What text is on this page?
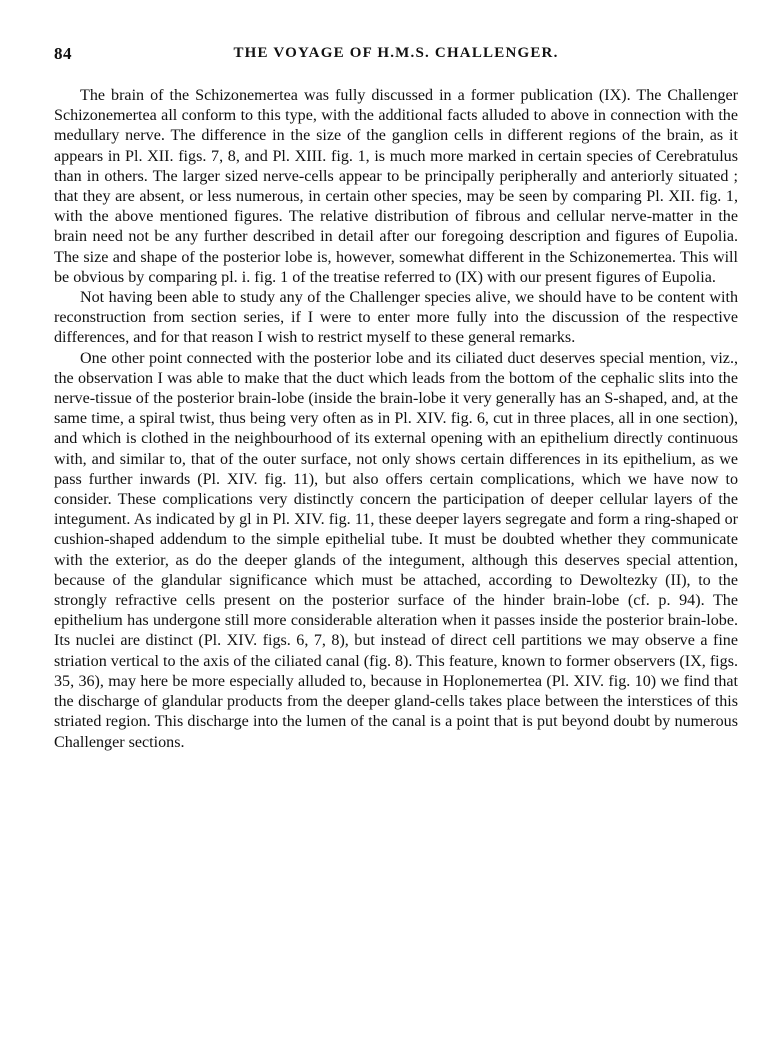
84	THE VOYAGE OF H.M.S. CHALLENGER.

The brain of the Schizonemertea was fully discussed in a former publication (IX). The Challenger Schizonemertea all conform to this type, with the additional facts alluded to above in connection with the medullary nerve. The difference in the size of the ganglion cells in different regions of the brain, as it appears in Pl. XII. figs. 7, 8, and Pl. XIII. fig. 1, is much more marked in certain species of Cerebratulus than in others. The larger sized nerve-cells appear to be principally peripherally and anteriorly situated ; that they are absent, or less numerous, in certain other species, may be seen by comparing Pl. XII. fig. 1, with the above mentioned figures. The relative distribution of fibrous and cellular nerve-matter in the brain need not be any further described in detail after our foregoing description and figures of Eupolia. The size and shape of the posterior lobe is, however, somewhat different in the Schizonemertea. This will be obvious by comparing pl. i. fig. 1 of the treatise referred to (IX) with our present figures of Eupolia.

Not having been able to study any of the Challenger species alive, we should have to be content with reconstruction from section series, if I were to enter more fully into the discussion of the respective differences, and for that reason I wish to restrict myself to these general remarks.

One other point connected with the posterior lobe and its ciliated duct deserves special mention, viz., the observation I was able to make that the duct which leads from the bottom of the cephalic slits into the nerve-tissue of the posterior brain-lobe (inside the brain-lobe it very generally has an S-shaped, and, at the same time, a spiral twist, thus being very often as in Pl. XIV. fig. 6, cut in three places, all in one section), and which is clothed in the neighbourhood of its external opening with an epithelium directly continuous with, and similar to, that of the outer surface, not only shows certain differences in its epithelium, as we pass further inwards (Pl. XIV. fig. 11), but also offers certain complications, which we have now to consider. These complications very distinctly concern the participation of deeper cellular layers of the integument. As indicated by gl in Pl. XIV. fig. 11, these deeper layers segregate and form a ring-shaped or cushion-shaped addendum to the simple epithelial tube. It must be doubted whether they communicate with the exterior, as do the deeper glands of the integument, although this deserves special attention, because of the glandular significance which must be attached, according to Dewoltezky (II), to the strongly refractive cells present on the posterior surface of the hinder brain-lobe (cf. p. 94). The epithelium has undergone still more considerable alteration when it passes inside the posterior brain-lobe. Its nuclei are distinct (Pl. XIV. figs. 6, 7, 8), but instead of direct cell partitions we may observe a fine striation vertical to the axis of the ciliated canal (fig. 8). This feature, known to former observers (IX, figs. 35, 36), may here be more especially alluded to, because in Hoplonemertea (Pl. XIV. fig. 10) we find that the discharge of glandular products from the deeper gland-cells takes place between the interstices of this striated region. This discharge into the lumen of the canal is a point that is put beyond doubt by numerous Challenger sections.
